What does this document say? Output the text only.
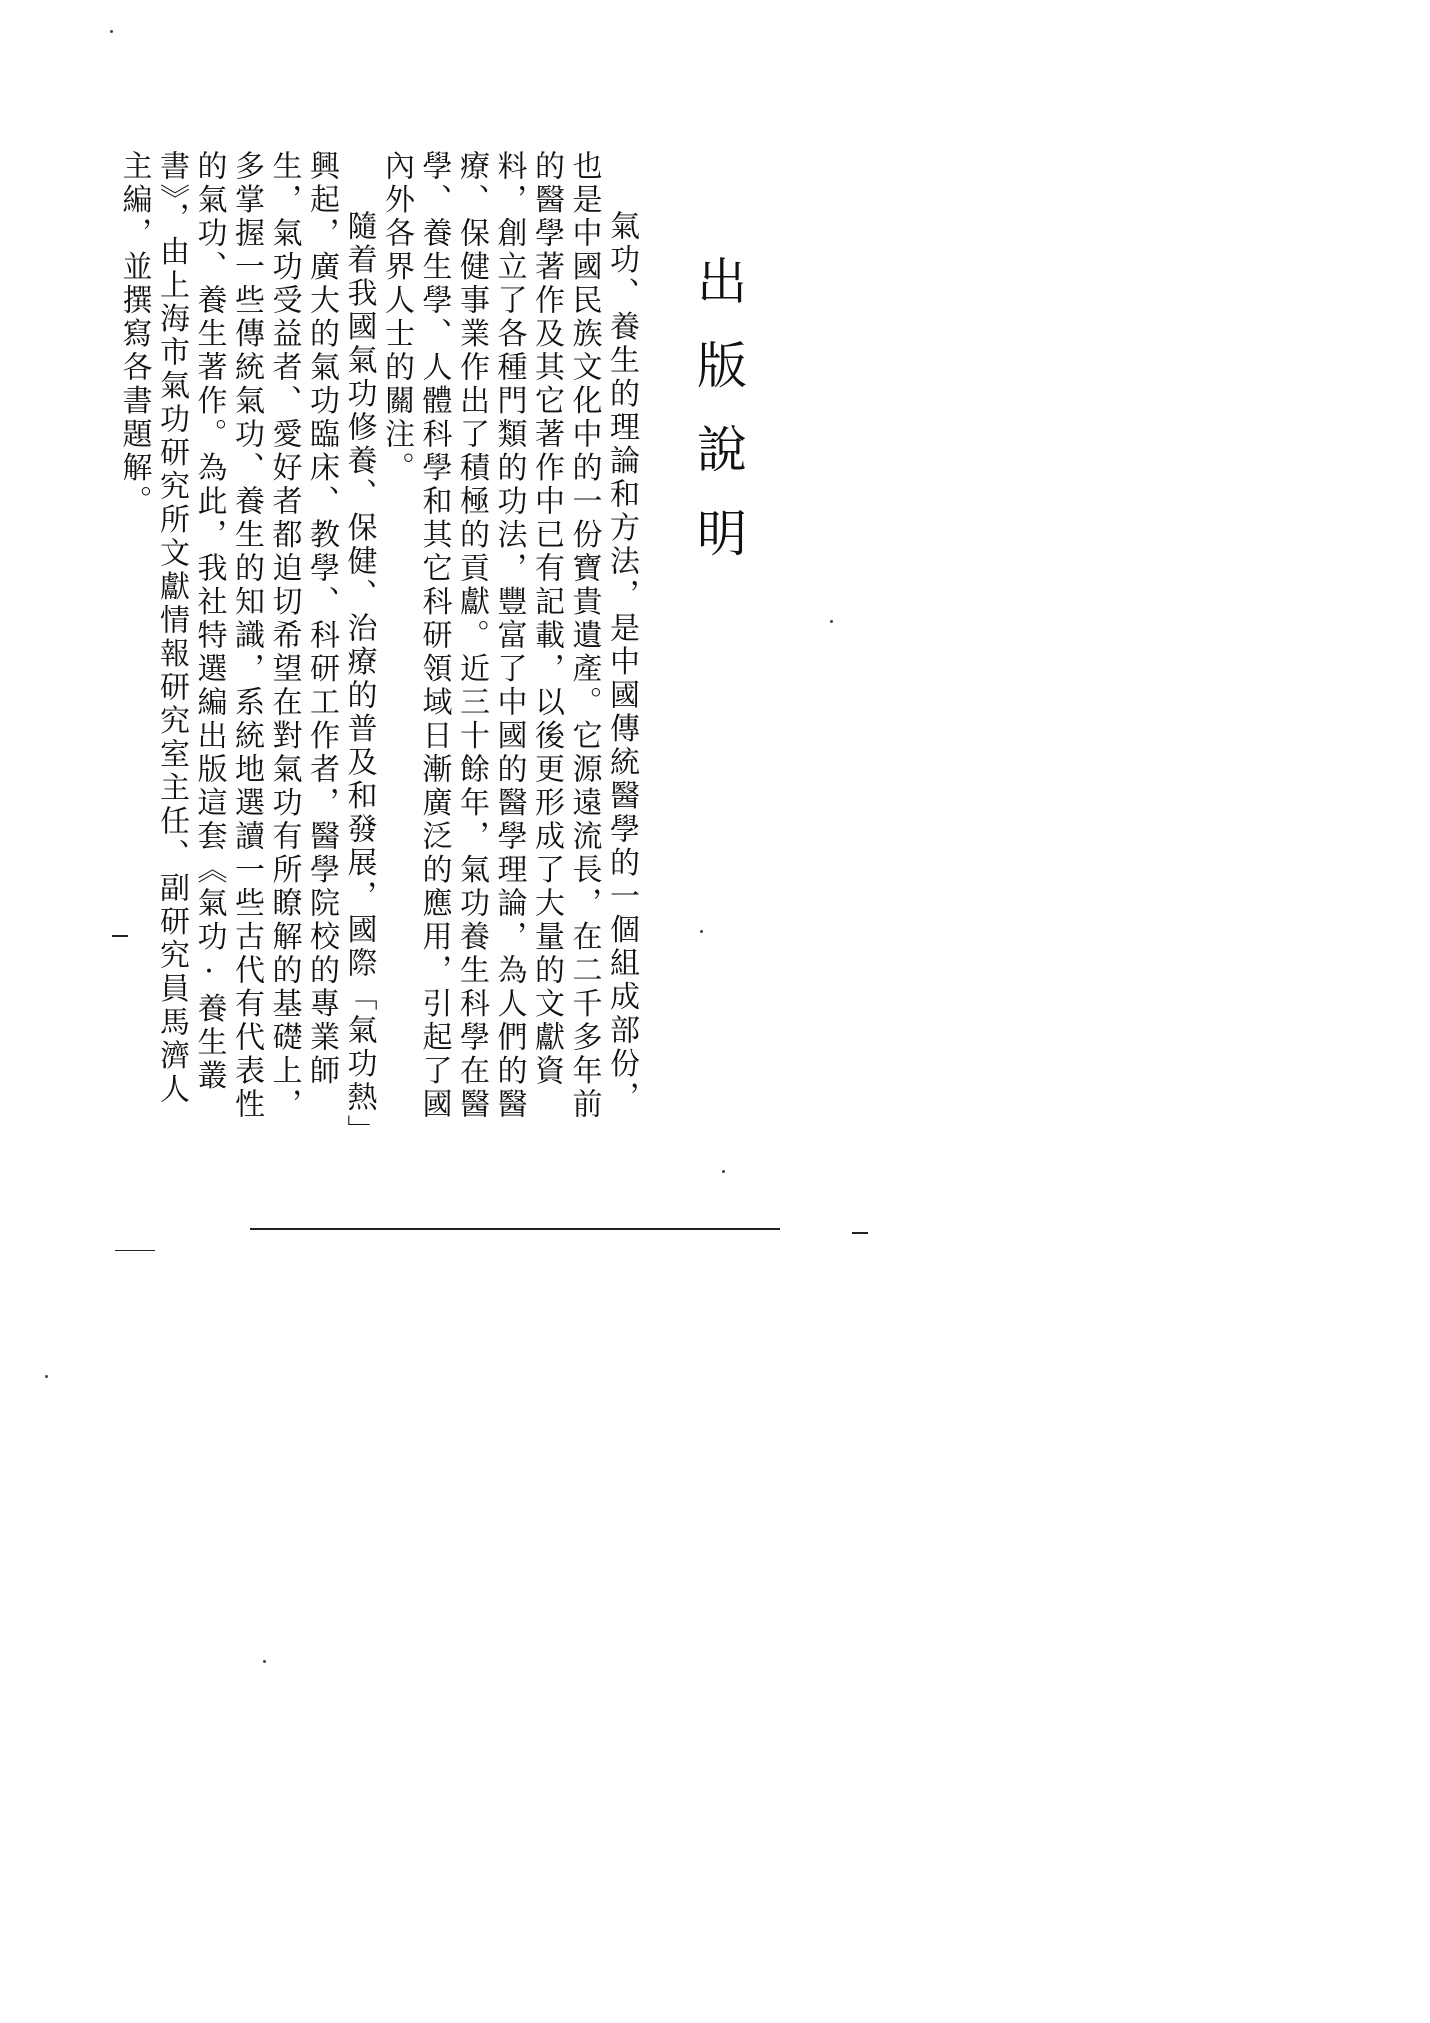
出版說明

氣功、養生的理論和方法，是中國傳統醫學的一個組成部份，也是中國民族文化中的一份寶貴遺產。它源遠流長，在二千多年前的醫學著作及其它著作中已有記載，以後更形成了大量的文獻資料，創立了各種門類的功法，豐富了中國的醫學理論，為人們的醫療、保健事業作出了積極的貢獻。近三十餘年，氣功養生科學在醫學、養生學、人體科學和其它科研領域日漸廣泛的應用，引起了國內外各界人士的關注。

隨着我國氣功修養、保健、治療的普及和發展，國際「氣功熱」興起，廣大的氣功臨床、教學、科研工作者，醫學院校的專業師生，氣功受益者、愛好者都迫切希望在對氣功有所瞭解的基礎上，多掌握一些傳統氣功、養生的知識，系統地選讀一些古代有代表性的氣功、養生著作。為此，我社特選編出版這套《氣功·養生叢書》，由上海市氣功研究所文獻情報研究室主任、副研究員馬濟人主編，並撰寫各書題解。
